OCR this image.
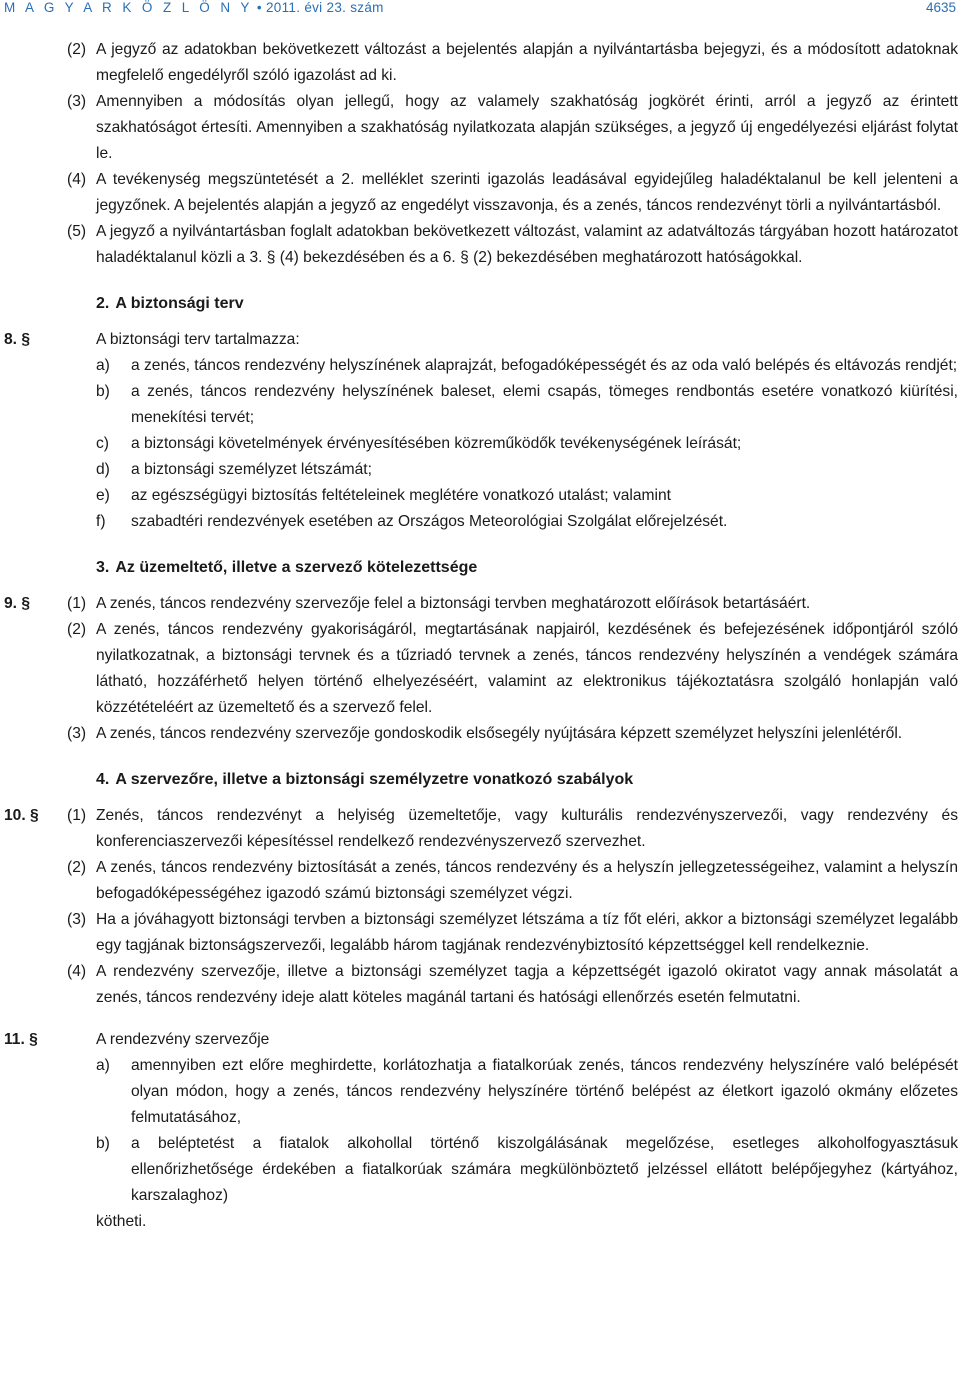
M A G Y A R K Ö Z L Ö N Y • 2011. évi 23. szám	4635
(2) A jegyző az adatokban bekövetkezett változást a bejelentés alapján a nyilvántartásba bejegyzi, és a módosított adatoknak megfelelő engedélyről szóló igazolást ad ki.
(3) Amennyiben a módosítás olyan jellegű, hogy az valamely szakhatóság jogkörét érinti, arról a jegyző az érintett szakhatóságot értesíti. Amennyiben a szakhatóság nyilatkozata alapján szükséges, a jegyző új engedélyezési eljárást folytat le.
(4) A tevékenység megszüntetését a 2. melléklet szerinti igazolás leadásával egyidejűleg haladéktalanul be kell jelenteni a jegyzőnek. A bejelentés alapján a jegyző az engedélyt visszavonja, és a zenés, táncos rendezvényt törli a nyilvántartásból.
(5) A jegyző a nyilvántartásban foglalt adatokban bekövetkezett változást, valamint az adatváltozás tárgyában hozott határozatot haladéktalanul közli a 3. § (4) bekezdésében és a 6. § (2) bekezdésében meghatározott hatóságokkal.
2. A biztonsági terv
8. §	A biztonsági terv tartalmazza:
a) a zenés, táncos rendezvény helyszínének alaprajzát, befogadóképességét és az oda való belépés és eltávozás rendjét;
b) a zenés, táncos rendezvény helyszínének baleset, elemi csapás, tömeges rendbontás esetére vonatkozó kiürítési, menekítési tervét;
c) a biztonsági követelmények érvényesítésében közreműködők tevékenységének leírását;
d) a biztonsági személyzet létszámát;
e) az egészségügyi biztosítás feltételeinek meglétére vonatkozó utalást; valamint
f) szabadtéri rendezvények esetében az Országos Meteorológiai Szolgálat előrejelzését.
3. Az üzemeltető, illetve a szervező kötelezettsége
9. § (1) A zenés, táncos rendezvény szervezője felel a biztonsági tervben meghatározott előírások betartásáért.
(2) A zenés, táncos rendezvény gyakoriságáról, megtartásának napjairól, kezdésének és befejezésének időpontjáról szóló nyilatkozatnak, a biztonsági tervnek és a tűzriadó tervnek a zenés, táncos rendezvény helyszínén a vendégek számára látható, hozzáférhető helyen történő elhelyezéséért, valamint az elektronikus tájékoztatásra szolgáló honlapján való közzétételéért az üzemeltető és a szervező felel.
(3) A zenés, táncos rendezvény szervezője gondoskodik elsősegély nyújtására képzett személyzet helyszíni jelenlétéről.
4. A szervezőre, illetve a biztonsági személyzetre vonatkozó szabályok
10. § (1) Zenés, táncos rendezvényt a helyiség üzemeltetője, vagy kulturális rendezvényszervezői, vagy rendezvény és konferenciaszervezői képesítéssel rendelkező rendezvényszervező szervezhet.
(2) A zenés, táncos rendezvény biztosítását a zenés, táncos rendezvény és a helyszín jellegzetességeihez, valamint a helyszín befogadóképességéhez igazodó számú biztonsági személyzet végzi.
(3) Ha a jóváhagyott biztonsági tervben a biztonsági személyzet létszáma a tíz főt eléri, akkor a biztonsági személyzet legalább egy tagjának biztonságszervezői, legalább három tagjának rendezvénybiztosító képzettséggel kell rendelkeznie.
(4) A rendezvény szervezője, illetve a biztonsági személyzet tagja a képzettségét igazoló okiratot vagy annak másolatát a zenés, táncos rendezvény ideje alatt köteles magánál tartani és hatósági ellenőrzés esetén felmutatni.
11. §	A rendezvény szervezője
a) amennyiben ezt előre meghirdette, korlátozhatja a fiatalkorúak zenés, táncos rendezvény helyszínére való belépését olyan módon, hogy a zenés, táncos rendezvény helyszínére történő belépést az életkort igazoló okmány előzetes felmutatásához,
b) a beléptetést a fiatalok alkohollal történő kiszolgálásának megelőzése, esetleges alkoholfogyasztásuk ellenőrizhetősége érdekében a fiatalkorúak számára megkülönböztető jelzéssel ellátott belépőjegyhez (kártyához, karszalaghoz)
kötheti.
